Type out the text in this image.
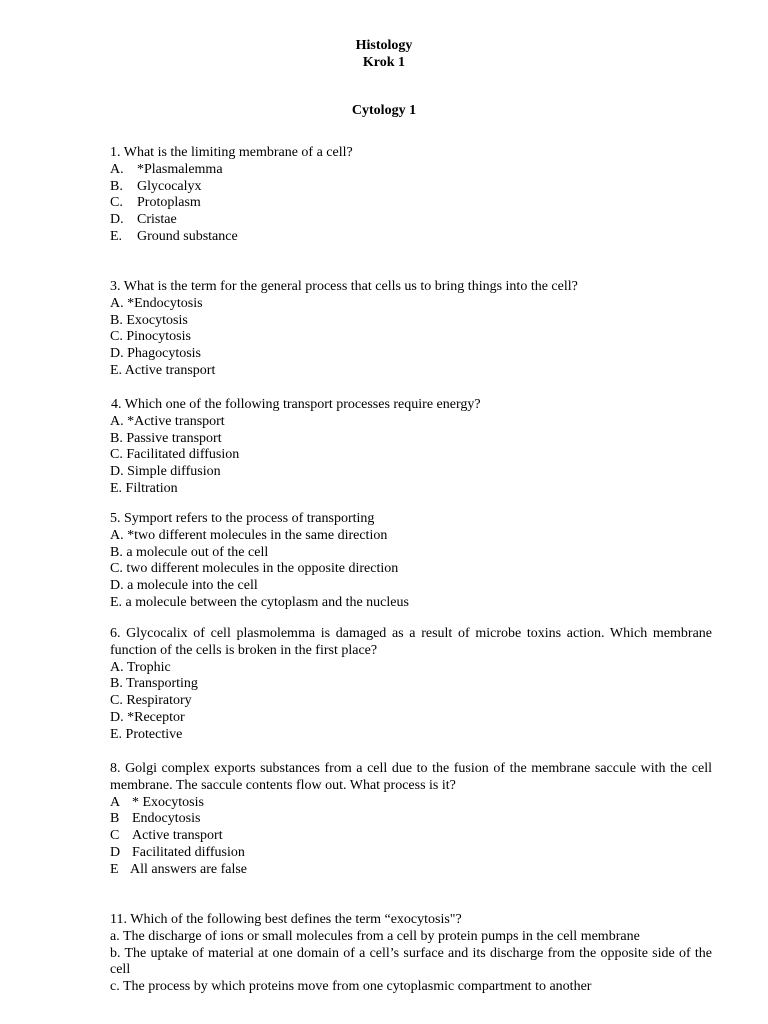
Histology
Krok 1
Cytology 1
1. What is the limiting membrane of a cell?
A. *Plasmalemma
B. Glycocalyx
C. Protoplasm
D. Cristae
E. Ground substance
3. What is the term for the general process that cells us to bring things into the cell?
A. *Endocytosis
B. Exocytosis
C. Pinocytosis
D. Phagocytosis
E. Active transport
4. Which one of the following transport processes require energy?
A. *Active transport
B. Passive transport
C. Facilitated diffusion
D. Simple diffusion
E. Filtration
5. Symport refers to the process of transporting
A. *two different molecules in the same direction
B. a molecule out of the cell
C. two different molecules in the opposite direction
D. a molecule into the cell
E. a molecule between the cytoplasm and the nucleus
6. Glycocalix of cell plasmolemma is damaged as a result of microbe toxins action. Which membrane function of the cells is broken in the first place?
A. Trophic
B. Transporting
C. Respiratory
D. *Receptor
E. Protective
8. Golgi complex exports substances from a cell due to the fusion of the membrane saccule with the cell membrane. The saccule contents flow out. What process is it?
A * Exocytosis
B Endocytosis
C Active transport
D Facilitated diffusion
E All answers are false
11. Which of the following best defines the term “exocytosis"?
a. The discharge of ions or small molecules from a cell by protein pumps in the cell membrane
b. The uptake of material at one domain of a cell’s surface and its discharge from the opposite side of the cell
c. The process by which proteins move from one cytoplasmic compartment to another
